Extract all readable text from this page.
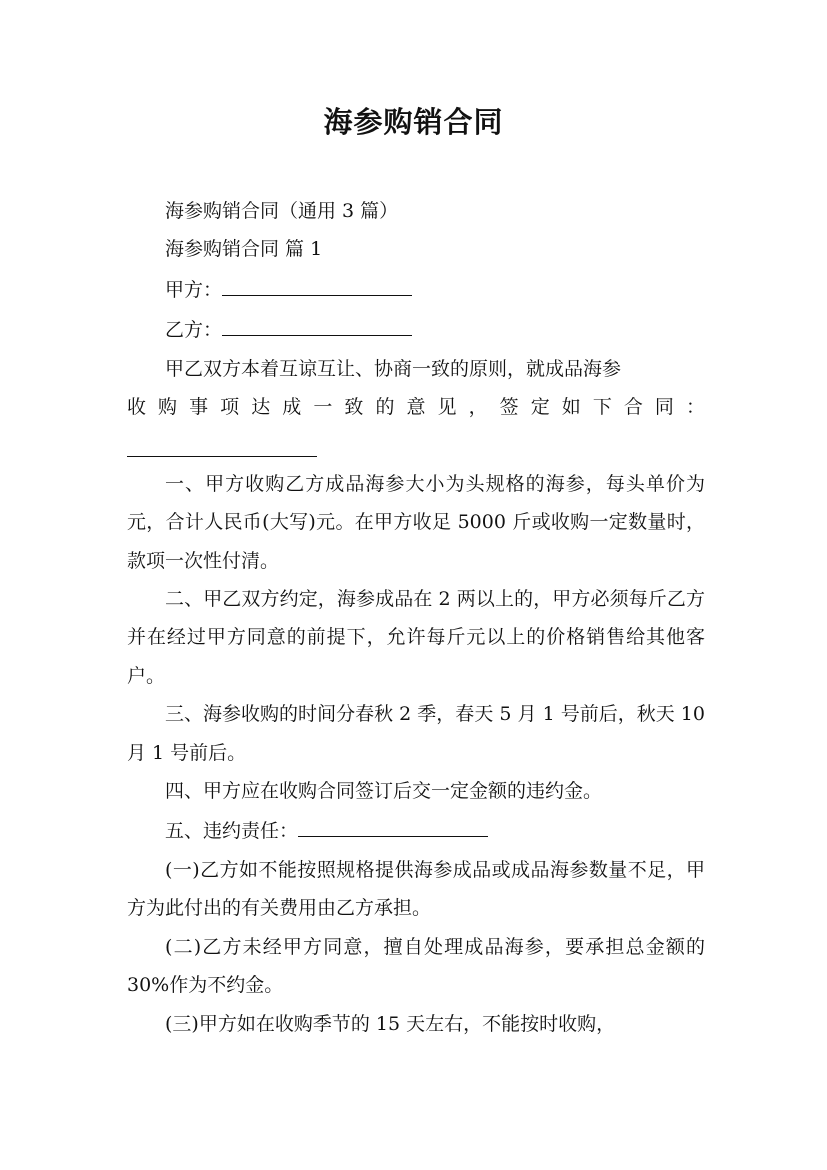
海参购销合同

海参购销合同（通用 3 篇）

海参购销合同 篇 1

甲方：

乙方：

甲乙双方本着互谅互让、协商一致的原则，就成品海参

收购事项达成一致的意见，签定如下合同：

一、甲方收购乙方成品海参大小为头规格的海参，每头单价为元，合计人民币(大写)元。在甲方收足 5000 斤或收购一定数量时，款项一次性付清。

二、甲乙双方约定，海参成品在 2 两以上的，甲方必须每斤乙方并在经过甲方同意的前提下，允许每斤元以上的价格销售给其他客户。

三、海参收购的时间分春秋 2 季，春天 5 月 1 号前后，秋天 10 月 1 号前后。

四、甲方应在收购合同签订后交一定金额的违约金。

五、违约责任：

(一)乙方如不能按照规格提供海参成品或成品海参数量不足，甲方为此付出的有关费用由乙方承担。

(二)乙方未经甲方同意，擅自处理成品海参，要承担总金额的 30%作为不约金。

(三)甲方如在收购季节的 15 天左右，不能按时收购，
